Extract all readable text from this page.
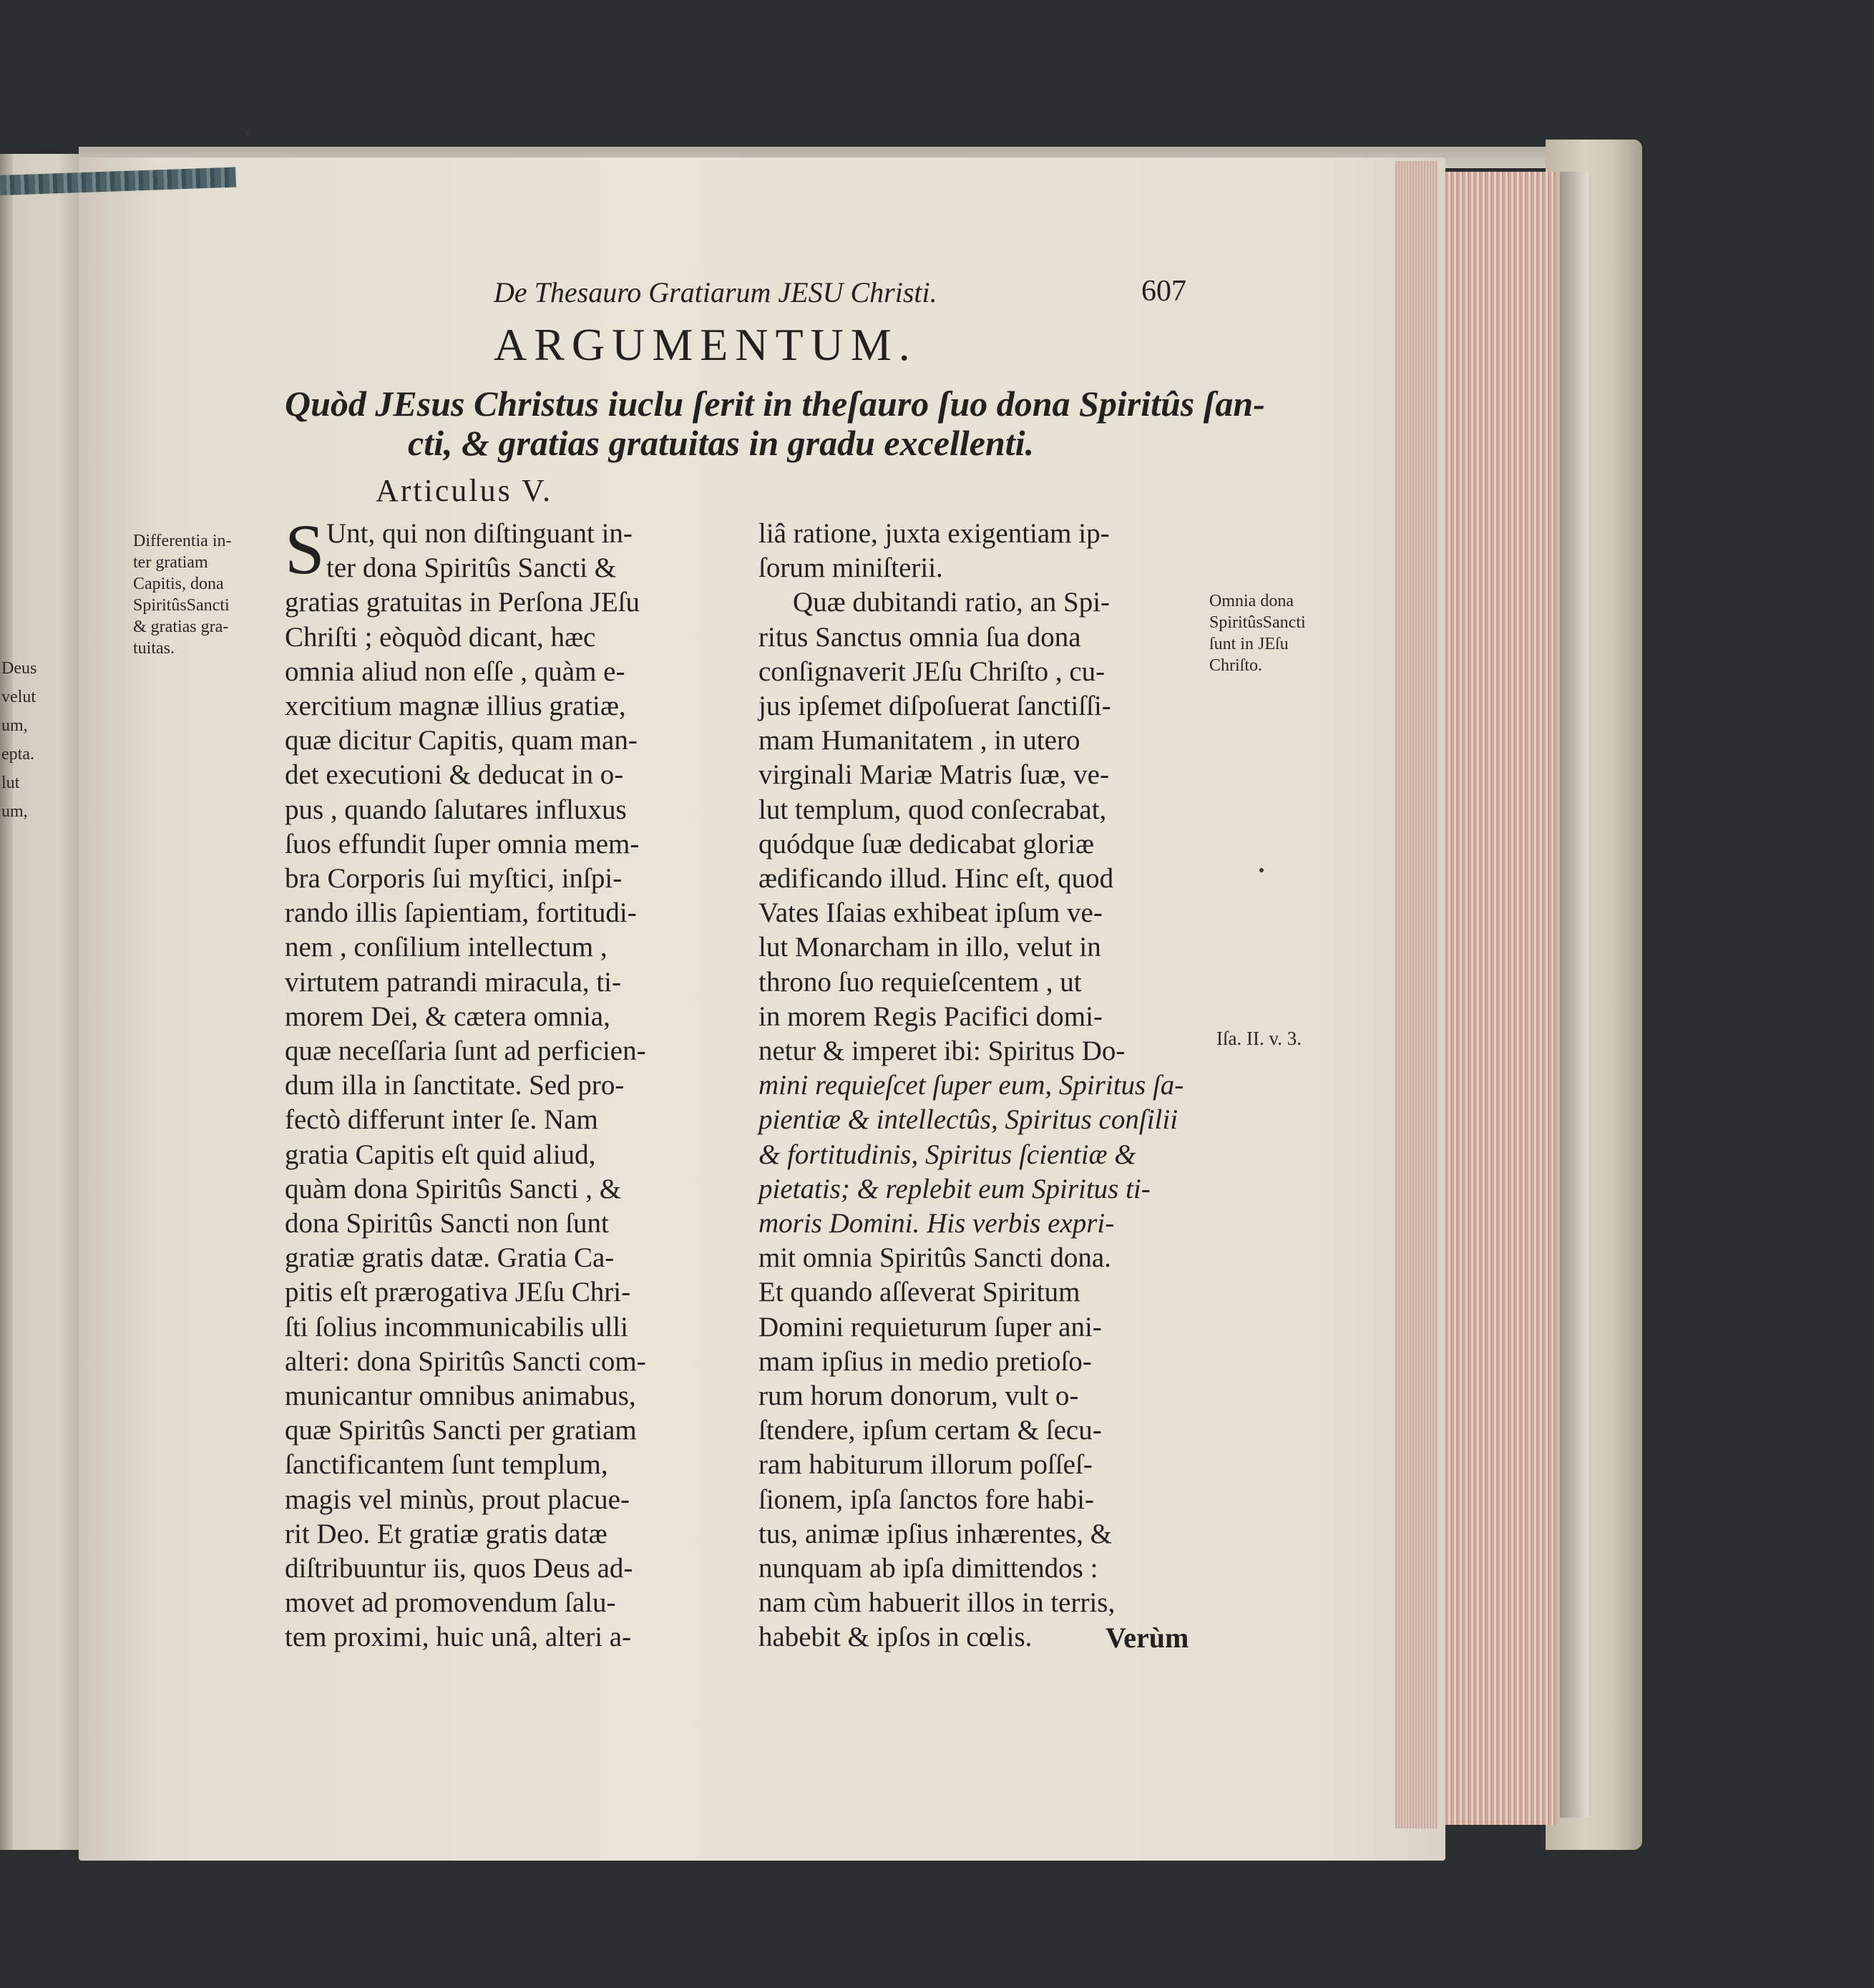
Deus
velut
um,
epta.
lut
um,
De Thesauro Gratiarum JESU Christi.	607
ARGUMENTUM.
Quòd JEsus Christus iuclu ſerit in theſauro ſuo dona Spiritûs ſan-
cti, & gratias gratuitas in gradu excellenti.
Articulus V.
S
Differentia in-
ter gratiam
Capitis, dona
SpiritûsSancti
& gratias gra-
tuitas.
Unt, qui non diſtinguant in-
ter dona Spiritûs Sancti &
gratias gratuitas in Perſona JEſu
Chriſti ; eòquòd dicant, hæc
omnia aliud non eſſe , quàm e-
xercitium magnæ illius gratiæ,
quæ dicitur Capitis, quam man-
det executioni & deducat in o-
pus , quando ſalutares influxus
ſuos effundit ſuper omnia mem-
bra Corporis ſui myſtici, inſpi-
rando illis ſapientiam, fortitudi-
nem , conſilium intellectum ,
virtutem patrandi miracula, ti-
morem Dei, & cætera omnia,
quæ neceſſaria ſunt ad perficien-
dum illa in ſanctitate. Sed pro-
fectò differunt inter ſe. Nam
gratia Capitis eſt quid aliud,
quàm dona Spiritûs Sancti , &
dona Spiritûs Sancti non ſunt
gratiæ gratis datæ. Gratia Ca-
pitis eſt prærogativa JEſu Chri-
ſti ſolius incommunicabilis ulli
alteri: dona Spiritûs Sancti com-
municantur omnibus animabus,
quæ Spiritûs Sancti per gratiam
ſanctificantem ſunt templum,
magis vel minùs, prout placue-
rit Deo. Et gratiæ gratis datæ
diſtribuuntur iis, quos Deus ad-
movet ad promovendum ſalu-
tem proximi, huic unâ, alteri a-
liâ ratione, juxta exigentiam ip-
ſorum miniſterii.
Quæ dubitandi ratio, an Spi-
ritus Sanctus omnia ſua dona
conſignaverit JEſu Chriſto , cu-
jus ipſemet diſpoſuerat ſanctiſſi-
mam Humanitatem , in utero
virginali Mariæ Matris ſuæ, ve-
lut templum, quod conſecrabat,
quódque ſuæ dedicabat gloriæ
ædificando illud. Hinc eſt, quod
Vates Iſaias exhibeat ipſum ve-
lut Monarcham in illo, velut in
throno ſuo requieſcentem , ut
in morem Regis Pacifici domi-
netur & imperet ibi: Spiritus Do-
mini requieſcet ſuper eum, Spiritus ſa-
pientiæ & intellectûs, Spiritus conſilii
& fortitudinis, Spiritus ſcientiæ &
pietatis; & replebit eum Spiritus ti-
moris Domini. His verbis expri-
mit omnia Spiritûs Sancti dona.
Et quando aſſeverat Spiritum
Domini requieturum ſuper ani-
mam ipſius in medio pretioſo-
rum horum donorum, vult o-
ſtendere, ipſum certam & ſecu-
ram habiturum illorum poſſeſ-
ſionem, ipſa ſanctos fore habi-
tus, animæ ipſius inhærentes, &
nunquam ab ipſa dimittendos :
nam cùm habuerit illos in terris,
habebit & ipſos in cœlis.
Omnia dona
SpiritûsSancti
ſunt in JEſu
Chriſto.
Iſa. II. v. 3.
Verùm
